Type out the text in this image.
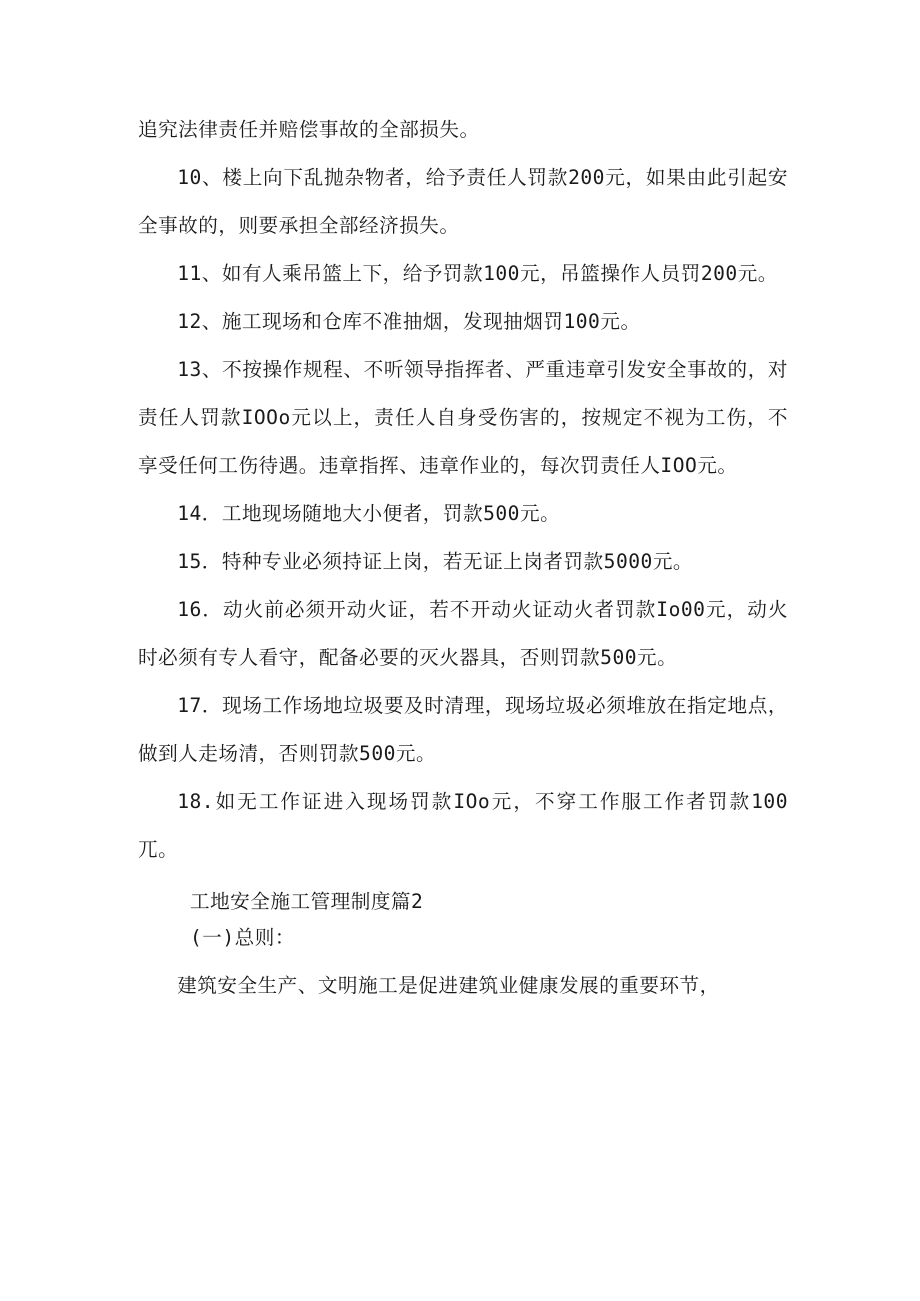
追究法律责任并赔偿事故的全部损失。

10、楼上向下乱抛杂物者，给予责任人罚款200元，如果由此引起安全事故的，则要承担全部经济损失。

11、如有人乘吊篮上下，给予罚款100元，吊篮操作人员罚200元。

12、施工现场和仓库不准抽烟，发现抽烟罚100元。

13、不按操作规程、不听领导指挥者、严重违章引发安全事故的，对责任人罚款IOOo元以上，责任人自身受伤害的，按规定不视为工伤，不享受任何工伤待遇。违章指挥、违章作业的，每次罚责任人IOO元。

14．工地现场随地大小便者，罚款500元。

15．特种专业必须持证上岗，若无证上岗者罚款5000元。

16．动火前必须开动火证，若不开动火证动火者罚款Io00元，动火时必须有专人看守，配备必要的灭火器具，否则罚款500元。

17．现场工作场地垃圾要及时清理，现场垃圾必须堆放在指定地点，做到人走场清，否则罚款500元。

18.如无工作证进入现场罚款IOo元，不穿工作服工作者罚款100兀。

工地安全施工管理制度篇2

(一)总则：

建筑安全生产、文明施工是促进建筑业健康发展的重要环节，
